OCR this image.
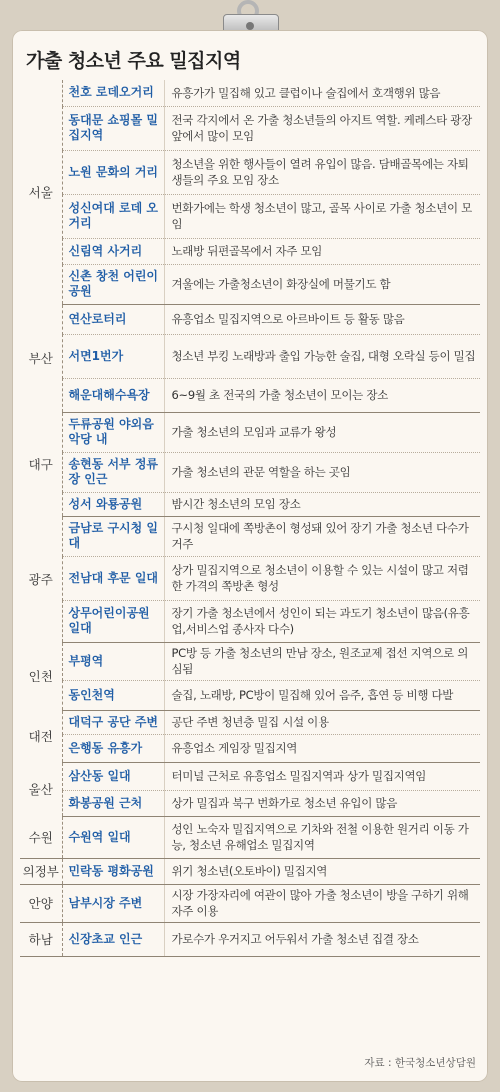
가출 청소년 주요 밀집지역
서울	천호 로데오거리	유흥가가 밀집해 있고 클럽이나 술집에서 호객행위 많음
	동대문 쇼핑몰 밀집지역	전국 각지에서 온 가출 청소년들의 아지트 역할. 케레스타 광장 앞에서 많이 모임
	노원 문화의 거리	청소년을 위한 행사들이 열려 유입이 많음. 담배골목에는 자퇴생들의 주요 모임 장소
	성신여대 로데 오거리	번화가에는 학생 청소년이 많고, 골목 사이로 가출 청소년이 모임
	신림역 사거리	노래방 뒤편골목에서 자주 모임
	신촌 창천 어린이공원	겨울에는 가출청소년이 화장실에 머물기도 함
부산	연산로터리	유흥업소 밀집지역으로 아르바이트 등 활동 많음
	서면1번가	청소년 부킹 노래방과 출입 가능한 술집, 대형 오락실 등이 밀집
	해운대해수욕장	6~9월 초 전국의 가출 청소년이 모이는 장소
대구	두류공원 야외음악당 내	가출 청소년의 모임과 교류가 왕성
	송현동 서부 정류장 인근	가출 청소년의 관문 역할을 하는 곳임
	성서 와룡공원	밤시간 청소년의 모임 장소
광주	금남로 구시청 일대	구시청 일대에 쪽방촌이 형성돼 있어 장기 가출 청소년 다수가 거주
	전남대 후문 일대	상가 밀집지역으로 청소년이 이용할 수 있는 시설이 많고 저렴한 가격의 쪽방촌 형성
	상무어린이공원 일대	장기 가출 청소년에서 성인이 되는 과도기 청소년이 많음(유흥업,서비스업 종사자 다수)
인천	부평역	PC방 등 가출 청소년의 만남 장소, 원조교제 접선 지역으로 의심됨
	동인천역	술집, 노래방, PC방이 밀집해 있어 음주, 흡연 등 비행 다발
대전	대덕구 공단 주변	공단 주변 청년층 밀집 시설 이용
	은행동 유흥가	유흥업소 게임장 밀집지역
울산	삼산동 일대	터미널 근처로 유흥업소 밀집지역과 상가 밀집지역임
	화봉공원 근처	상가 밀집과 북구 번화가로 청소년 유입이 많음
수원	수원역 일대	성인 노숙자 밀집지역으로 기차와 전철 이용한 원거리 이동 가능, 청소년 유해업소 밀집지역
의정부	민락동 평화공원	위기 청소년(오토바이) 밀집지역
안양	남부시장 주변	시장 가장자리에 여관이 많아 가출 청소년이 방을 구하기 위해 자주 이용
하남	신장초교 인근	가로수가 우거지고 어두워서 가출 청소년 집결 장소
자료 : 한국청소년상담원
